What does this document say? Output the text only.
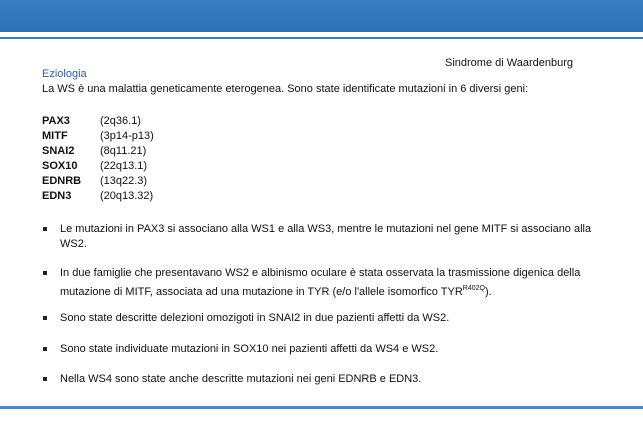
Sindrome di Waardenburg
Eziologia
La WS è una malattia geneticamente eterogenea. Sono state identificate mutazioni in 6 diversi geni:
PAX3	(2q36.1)
MITF	(3p14-p13)
SNAI2	(8q11.21)
SOX10	(22q13.1)
EDNRB	(13q22.3)
EDN3	(20q13.32)
Le mutazioni in PAX3 si associano alla WS1 e alla WS3, mentre le mutazioni nel gene MITF si associano alla WS2.
In due famiglie che presentavano WS2 e albinismo oculare è stata osservata la trasmissione digenica della mutazione di MITF, associata ad una mutazione in TYR (e/o l'allele isomorfico $TYR^{R402Q}$).
Sono state descritte delezioni omozigoti in SNAI2 in due pazienti affetti da WS2.
Sono state individuate mutazioni in SOX10 nei pazienti affetti da WS4 e WS2.
Nella WS4 sono state anche descritte mutazioni nei geni EDNRB e EDN3.
